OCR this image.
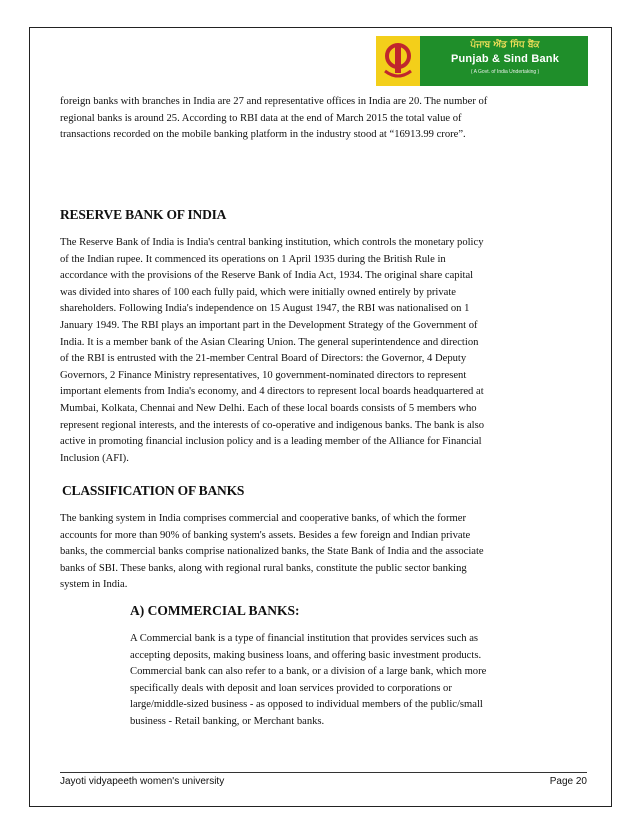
ਪੰਜਾਬ ਐਂਡ ਸਿੰਧ ਬੈਂਕ
Punjab & Sind Bank
( A Govt. of India Undertaking )

foreign banks with branches in India are 27 and representative offices in India are 20. The number of
regional banks is around 25. According to RBI data at the end of March 2015 the total value of
transactions recorded on the mobile banking platform in the industry stood at “16913.99 crore”.

RESERVE BANK OF INDIA

The Reserve Bank of India is India's central banking institution, which controls the monetary policy
of the Indian rupee. It commenced its operations on 1 April 1935 during the British Rule in
accordance with the provisions of the Reserve Bank of India Act, 1934. The original share capital
was divided into shares of 100 each fully paid, which were initially owned entirely by private
shareholders. Following India's independence on 15 August 1947, the RBI was nationalised on 1
January 1949. The RBI plays an important part in the Development Strategy of the Government of
India. It is a member bank of the Asian Clearing Union. The general superintendence and direction
of the RBI is entrusted with the 21-member Central Board of Directors: the Governor, 4 Deputy
Governors, 2 Finance Ministry representatives, 10 government-nominated directors to represent
important elements from India's economy, and 4 directors to represent local boards headquartered at
Mumbai, Kolkata, Chennai and New Delhi. Each of these local boards consists of 5 members who
represent regional interests, and the interests of co-operative and indigenous banks. The bank is also
active in promoting financial inclusion policy and is a leading member of the Alliance for Financial
Inclusion (AFI).

CLASSIFICATION OF BANKS

The banking system in India comprises commercial and cooperative banks, of which the former
accounts for more than 90% of banking system's assets. Besides a few foreign and Indian private
banks, the commercial banks comprise nationalized banks, the State Bank of India and the associate
banks of SBI. These banks, along with regional rural banks, constitute the public sector banking
system in India.

A) COMMERCIAL BANKS:

A Commercial bank is a type of financial institution that provides services such as
accepting deposits, making business loans, and offering basic investment products.
Commercial bank can also refer to a bank, or a division of a large bank, which more
specifically deals with deposit and loan services provided to corporations or
large/middle-sized business - as opposed to individual members of the public/small
business - Retail banking, or Merchant banks.

Jayoti vidyapeeth women's university	Page 20
